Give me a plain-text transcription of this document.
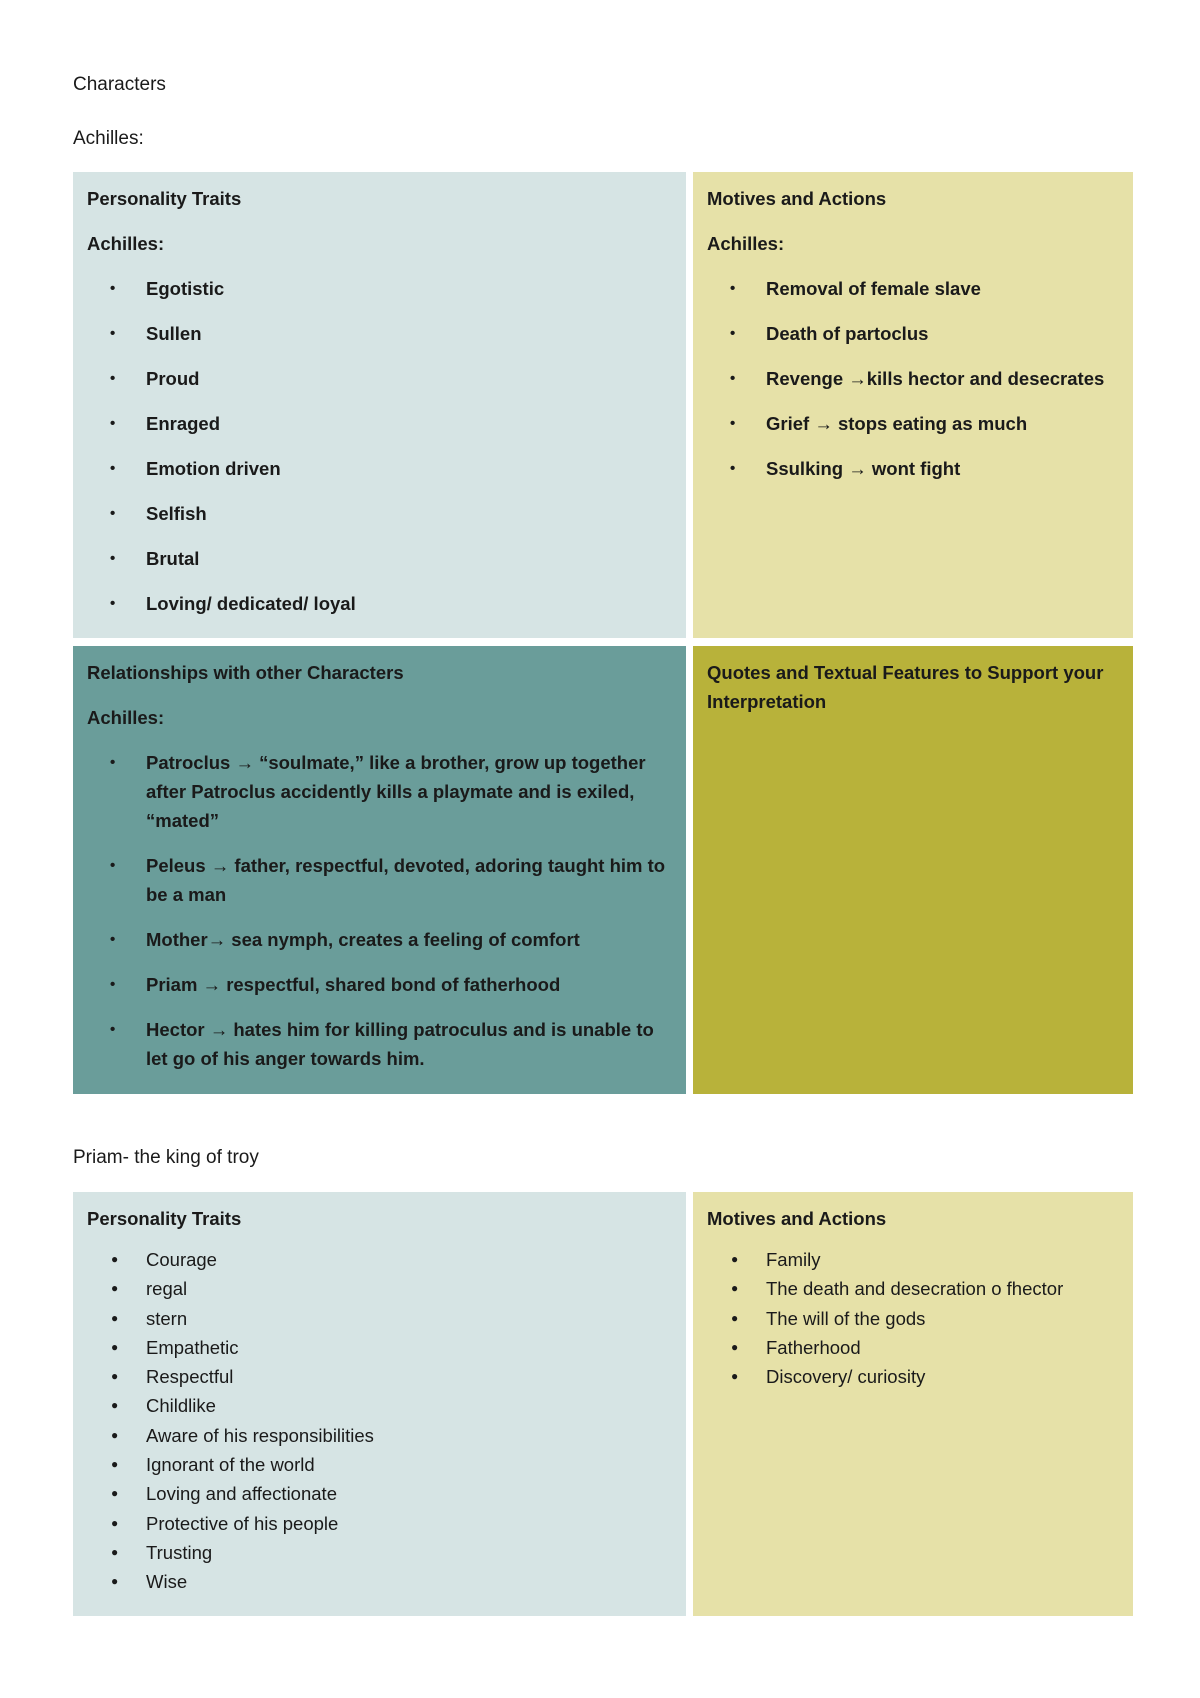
Characters

Achilles:

Personality Traits
Achilles:
• Egotistic
• Sullen
• Proud
• Enraged
• Emotion driven
• Selfish
• Brutal
• Loving/ dedicated/ loyal
Motives and Actions
Achilles:
• Removal of female slave
• Death of partoclus
• Revenge →kills hector and desecrates
• Grief → stops eating as much
• Ssulking → wont fight
Relationships with other Characters
Achilles:
• Patroclus → “soulmate,” like a brother, grow up together after Patroclus accidently kills a playmate and is exiled, “mated”
• Peleus → father, respectful, devoted, adoring taught him to be a man
• Mother→ sea nymph, creates a feeling of comfort
• Priam → respectful, shared bond of fatherhood
• Hector → hates him for killing patroculus and is unable to let go of his anger towards him.
Quotes and Textual Features to Support your Interpretation

Priam- the king of troy

Personality Traits
● Courage
● regal
● stern
● Empathetic
● Respectful
● Childlike
● Aware of his responsibilities
● Ignorant of the world
● Loving and affectionate
● Protective of his people
● Trusting
● Wise
Motives and Actions
● Family
● The death and desecration o fhector
● The will of the gods
● Fatherhood
● Discovery/ curiosity
